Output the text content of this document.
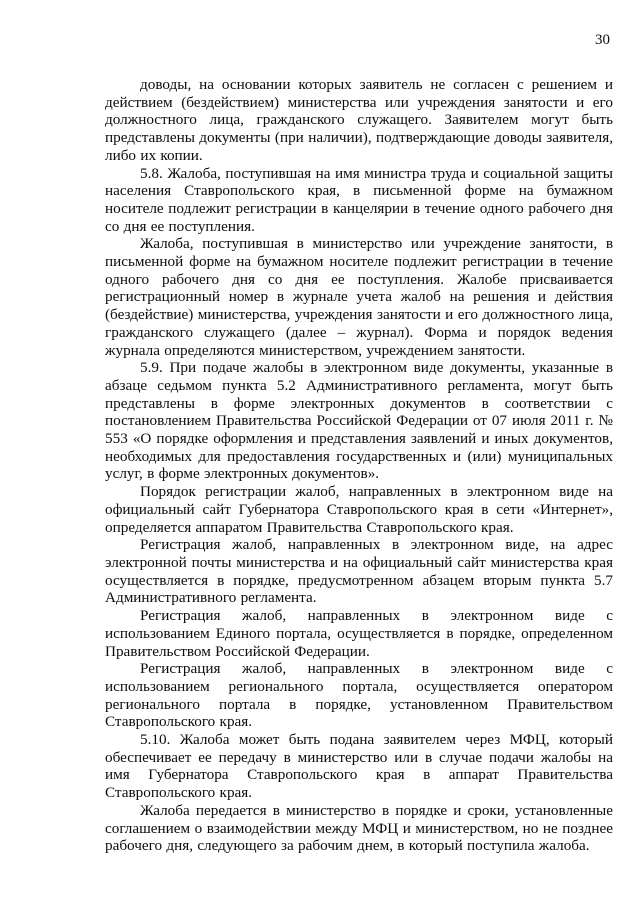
30

доводы, на основании которых заявитель не согласен с решением и действием (бездействием) министерства или учреждения занятости и его должностного лица, гражданского служащего. Заявителем могут быть представлены документы (при наличии), подтверждающие доводы заявителя, либо их копии.

5.8. Жалоба, поступившая на имя министра труда и социальной защиты населения Ставропольского края, в письменной форме на бумажном носителе подлежит регистрации в канцелярии в течение одного рабочего дня со дня ее поступления.

Жалоба, поступившая в министерство или учреждение занятости, в письменной форме на бумажном носителе подлежит регистрации в течение одного рабочего дня со дня ее поступления. Жалобе присваивается регистрационный номер в журнале учета жалоб на решения и действия (бездействие) министерства, учреждения занятости и его должностного лица, гражданского служащего (далее – журнал). Форма и порядок ведения журнала определяются министерством, учреждением занятости.

5.9. При подаче жалобы в электронном виде документы, указанные в абзаце седьмом пункта 5.2 Административного регламента, могут быть представлены в форме электронных документов в соответствии с постановлением Правительства Российской Федерации от 07 июля 2011 г. № 553 «О порядке оформления и представления заявлений и иных документов, необходимых для предоставления государственных и (или) муниципальных услуг, в форме электронных документов».

Порядок регистрации жалоб, направленных в электронном виде на официальный сайт Губернатора Ставропольского края в сети «Интернет», определяется аппаратом Правительства Ставропольского края.

Регистрация жалоб, направленных в электронном виде, на адрес электронной почты министерства и на официальный сайт министерства края осуществляется в порядке, предусмотренном абзацем вторым пункта 5.7 Административного регламента.

Регистрация жалоб, направленных в электронном виде с использованием Единого портала, осуществляется в порядке, определенном Правительством Российской Федерации.

Регистрация жалоб, направленных в электронном виде с использованием регионального портала, осуществляется оператором регионального портала в порядке, установленном Правительством Ставропольского края.

5.10. Жалоба может быть подана заявителем через МФЦ, который обеспечивает ее передачу в министерство или в случае подачи жалобы на имя Губернатора Ставропольского края в аппарат Правительства Ставропольского края.

Жалоба передается в министерство в порядке и сроки, установленные соглашением о взаимодействии между МФЦ и министерством, но не позднее рабочего дня, следующего за рабочим днем, в который поступила жалоба.
